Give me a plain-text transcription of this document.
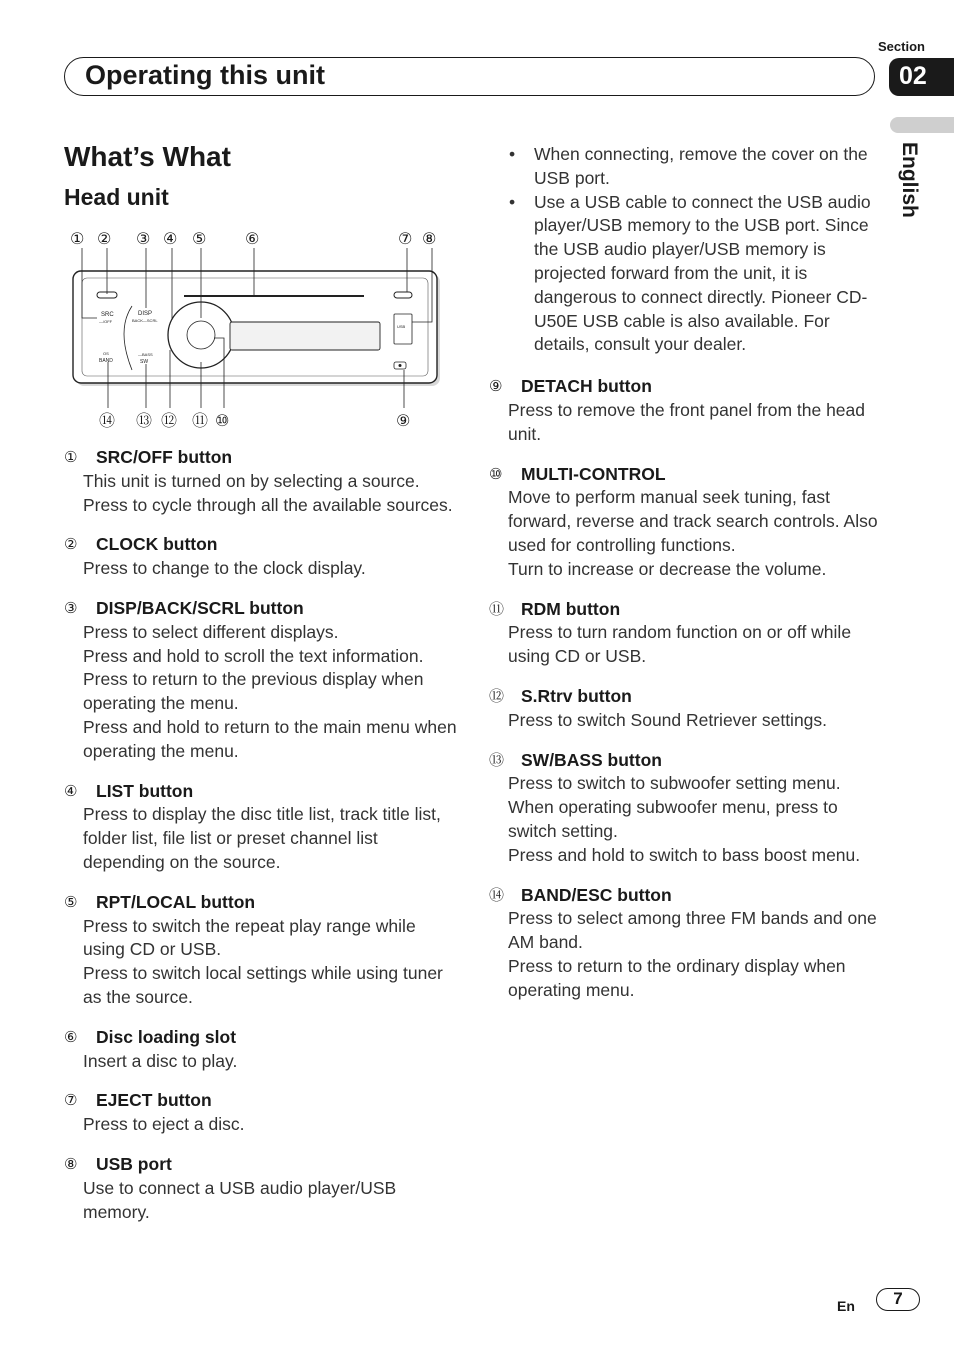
Section
02
Operating this unit
English
What’s What
Head unit
① ② ③ ④ ⑤ ⑥	⑦ ⑧
⑭ ⑬ ⑫ ⑪ ⑩	⑨
SRC
—/OFF
DISP
BACK—SCRL
OS
BAND
—BASS
SW
USB
①	SRC/OFF button
This unit is turned on by selecting a source.
Press to cycle through all the available sources.
②	CLOCK button
Press to change to the clock display.
③	DISP/BACK/SCRL button
Press to select different displays.
Press and hold to scroll the text information.
Press to return to the previous display when operating the menu.
Press and hold to return to the main menu when operating the menu.
④	LIST button
Press to display the disc title list, track title list, folder list, file list or preset channel list depending on the source.
⑤	RPT/LOCAL button
Press to switch the repeat play range while using CD or USB.
Press to switch local settings while using tuner as the source.
⑥	Disc loading slot
Insert a disc to play.
⑦	EJECT button
Press to eject a disc.
⑧	USB port
Use to connect a USB audio player/USB memory.
• When connecting, remove the cover on the USB port.
• Use a USB cable to connect the USB audio player/USB memory to the USB port. Since the USB audio player/USB memory is projected forward from the unit, it is dangerous to connect directly. Pioneer CD-U50E USB cable is also available. For details, consult your dealer.
⑨	DETACH button
Press to remove the front panel from the head unit.
⑩	MULTI-CONTROL
Move to perform manual seek tuning, fast forward, reverse and track search controls. Also used for controlling functions.
Turn to increase or decrease the volume.
⑪ RDM button
Press to turn random function on or off while using CD or USB.
⑫ S.Rtrv button
Press to switch Sound Retriever settings.
⑬ SW/BASS button
Press to switch to subwoofer setting menu. When operating subwoofer menu, press to switch setting.
Press and hold to switch to bass boost menu.
⑭ BAND/ESC button
Press to select among three FM bands and one AM band.
Press to return to the ordinary display when operating menu.
En	7
